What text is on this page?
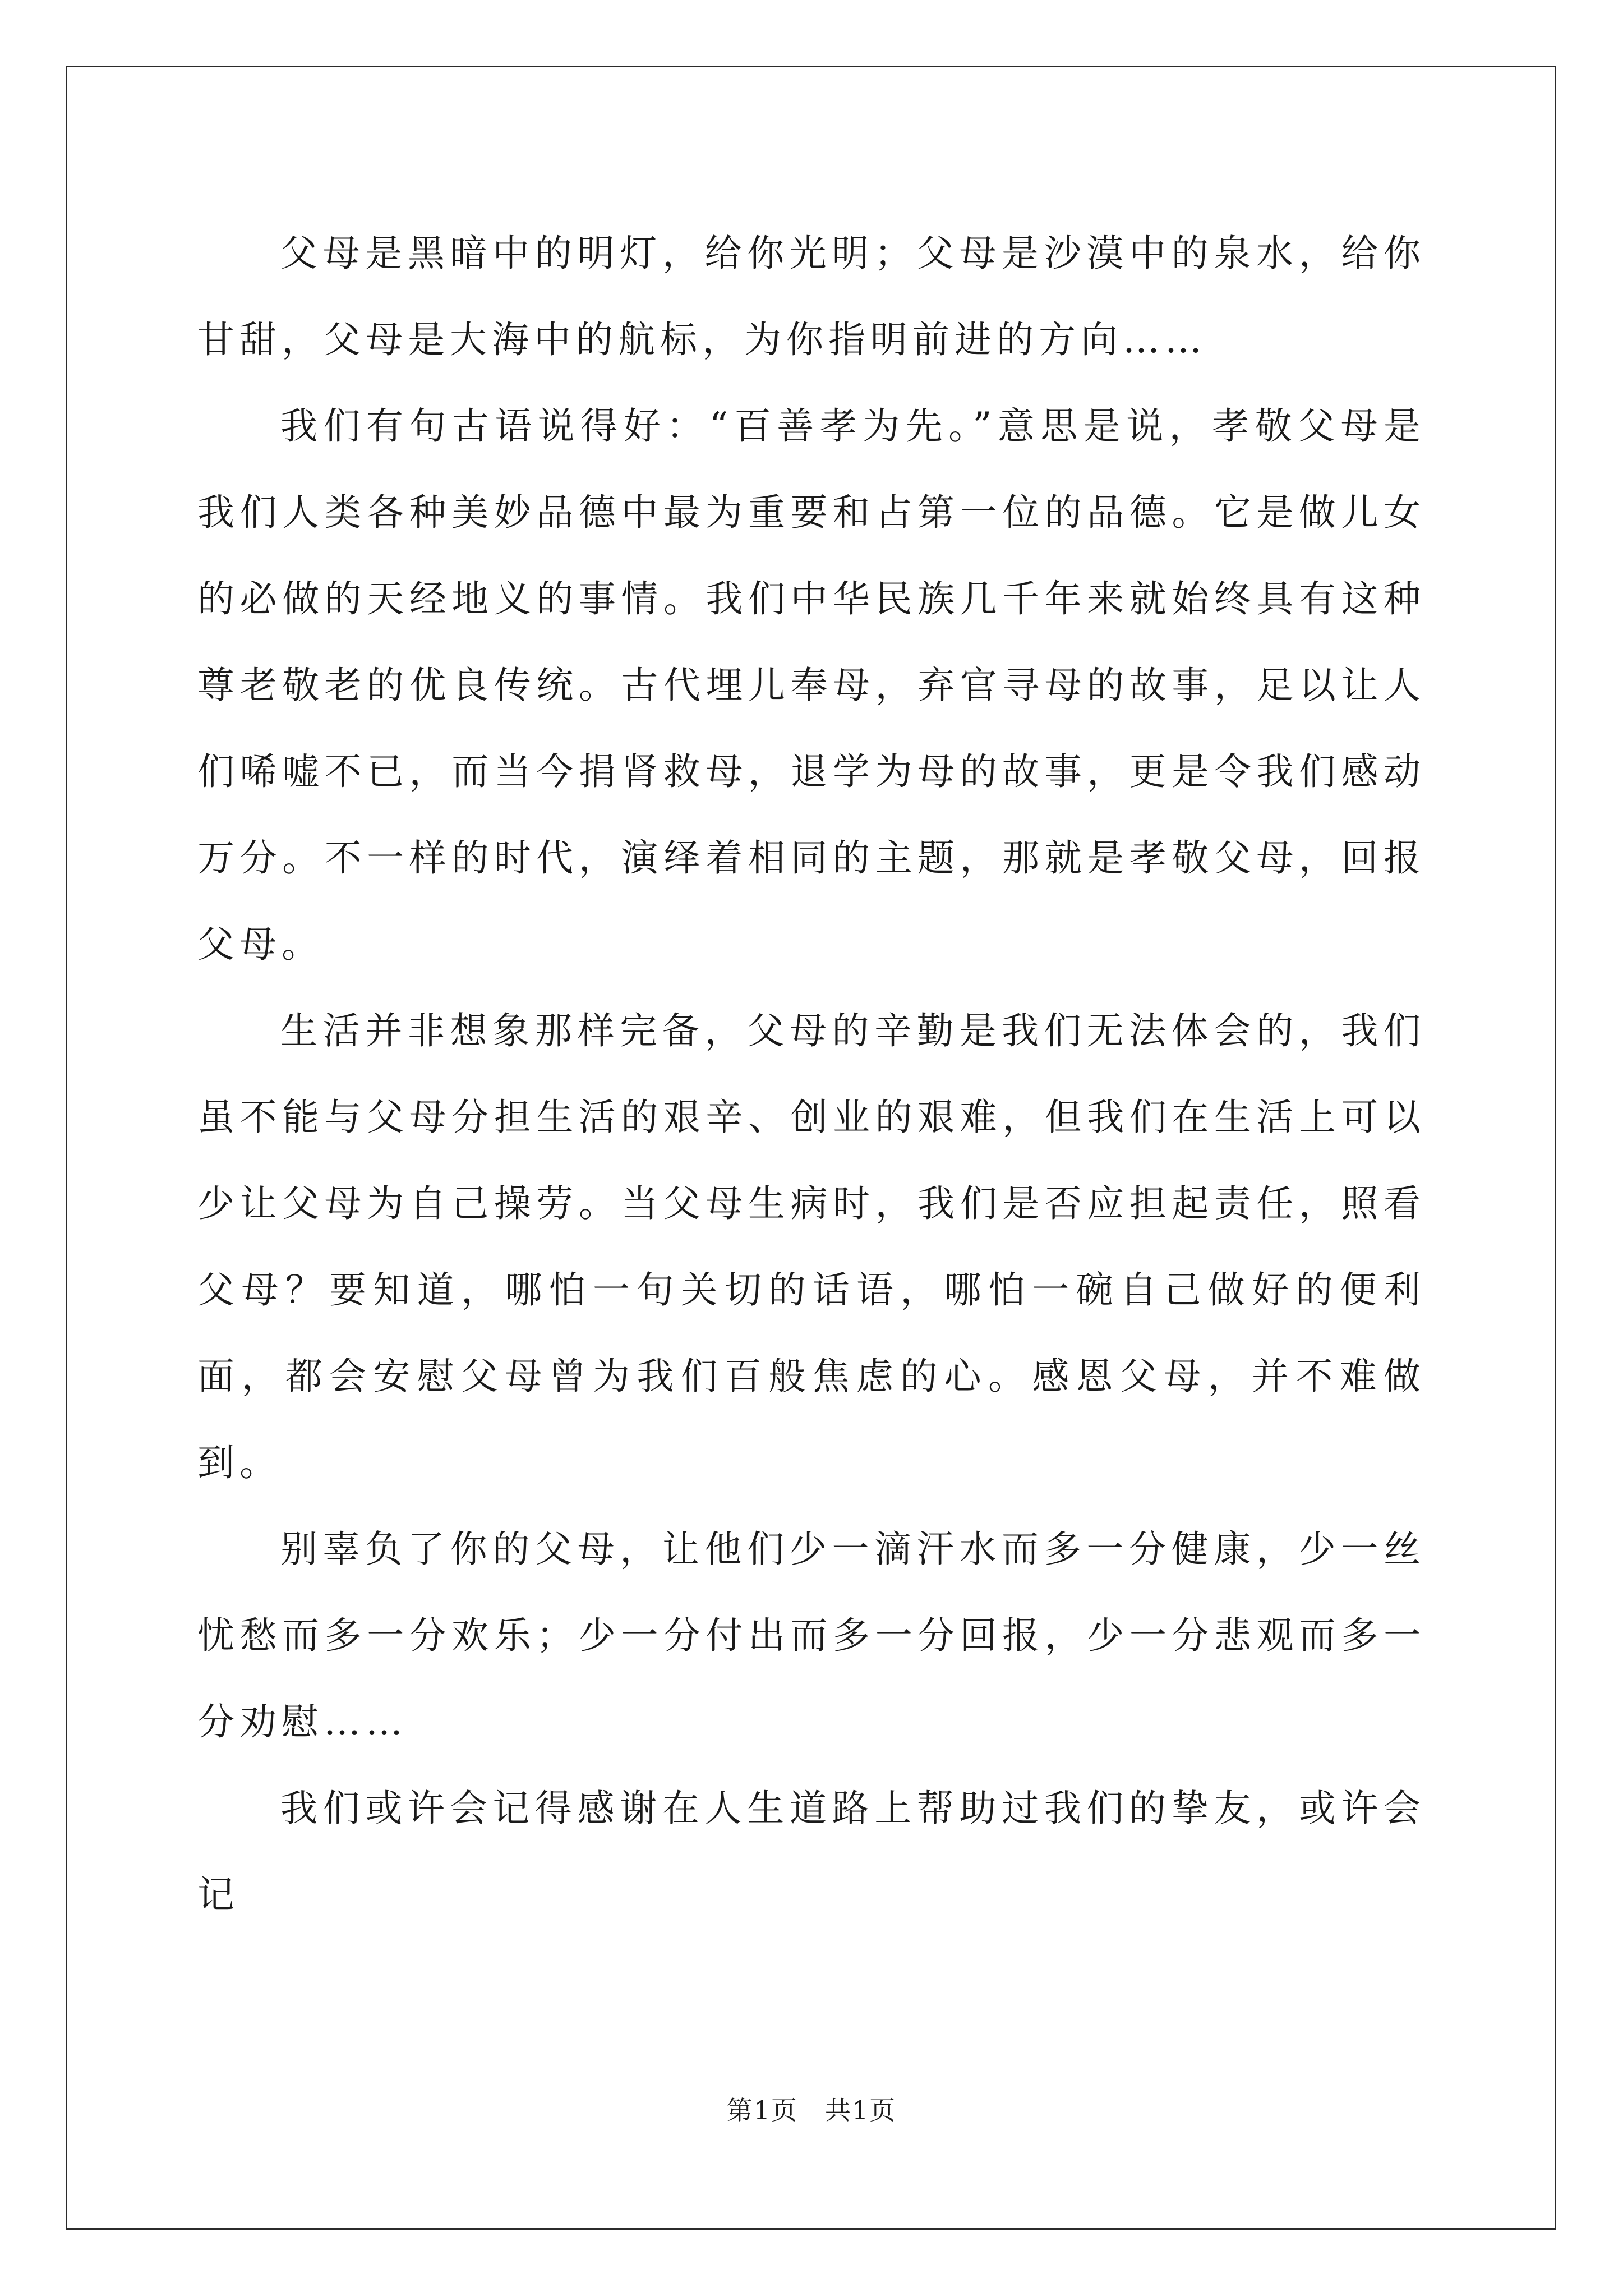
父母是黑暗中的明灯，给你光明；父母是沙漠中的泉水，给你甘甜，父母是大海中的航标，为你指明前进的方向……

我们有句古语说得好：“百善孝为先。”意思是说，孝敬父母是我们人类各种美妙品德中最为重要和占第一位的品德。它是做儿女的必做的天经地义的事情。我们中华民族几千年来就始终具有这种尊老敬老的优良传统。古代埋儿奉母，弃官寻母的故事，足以让人们唏嘘不已，而当今捐肾救母，退学为母的故事，更是令我们感动万分。不一样的时代，演绎着相同的主题，那就是孝敬父母，回报父母。

生活并非想象那样完备，父母的辛勤是我们无法体会的，我们虽不能与父母分担生活的艰辛、创业的艰难，但我们在生活上可以少让父母为自己操劳。当父母生病时，我们是否应担起责任，照看父母？要知道，哪怕一句关切的话语，哪怕一碗自己做好的便利面，都会安慰父母曾为我们百般焦虑的心。感恩父母，并不难做到。

别辜负了你的父母，让他们少一滴汗水而多一分健康，少一丝忧愁而多一分欢乐；少一分付出而多一分回报，少一分悲观而多一分劝慰……

我们或许会记得感谢在人生道路上帮助过我们的挚友，或许会记

第1页　共1页
